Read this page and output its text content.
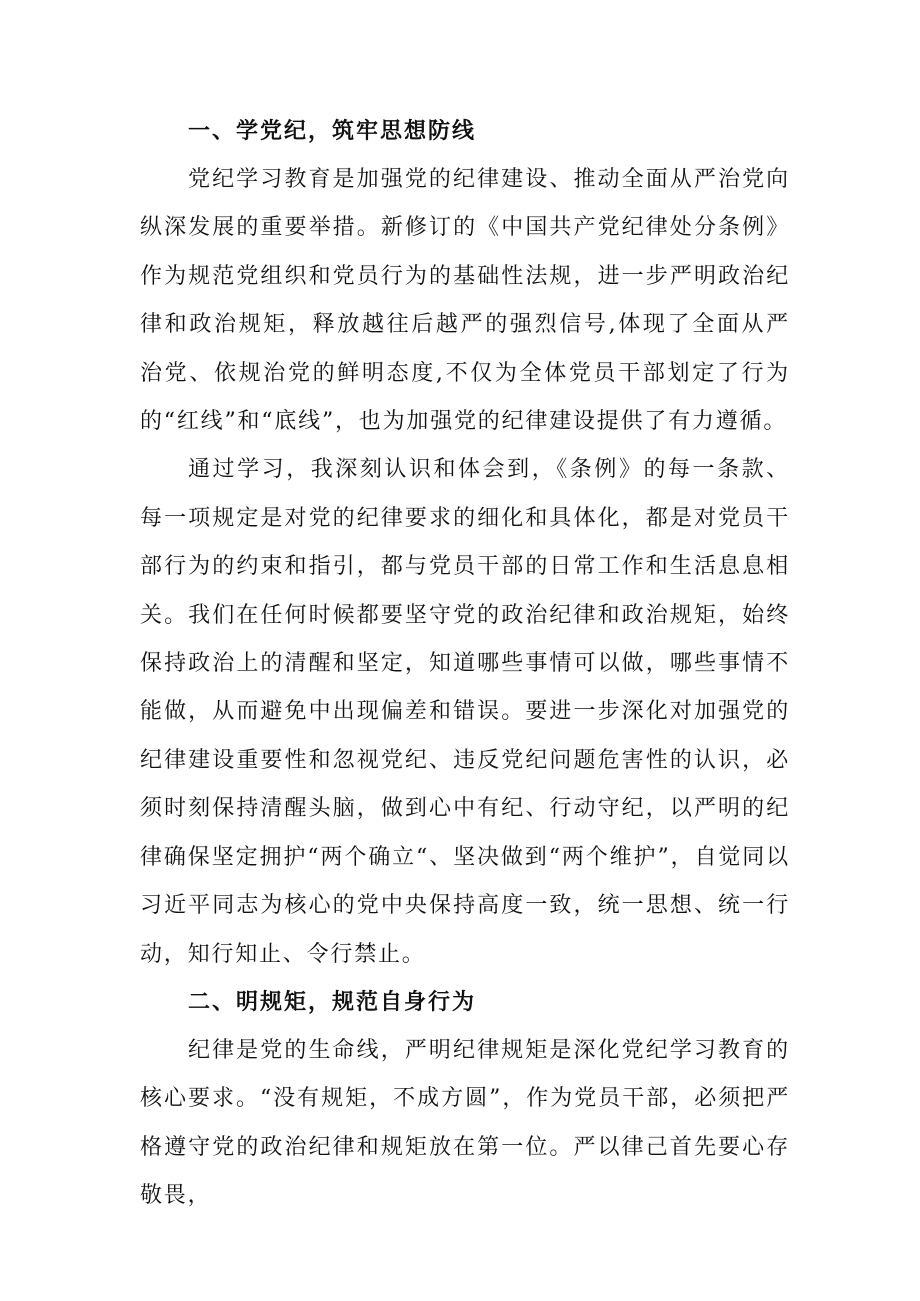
一、学党纪，筑牢思想防线

党纪学习教育是加强党的纪律建设、推动全面从严治党向纵深发展的重要举措。新修订的《中国共产党纪律处分条例》作为规范党组织和党员行为的基础性法规，进一步严明政治纪律和政治规矩，释放越往后越严的强烈信号,体现了全面从严治党、依规治党的鲜明态度,不仅为全体党员干部划定了行为的“红线”和“底线”，也为加强党的纪律建设提供了有力遵循。

通过学习，我深刻认识和体会到，《条例》的每一条款、每一项规定是对党的纪律要求的细化和具体化，都是对党员干部行为的约束和指引，都与党员干部的日常工作和生活息息相关。我们在任何时候都要坚守党的政治纪律和政治规矩，始终保持政治上的清醒和坚定，知道哪些事情可以做，哪些事情不能做，从而避免中出现偏差和错误。要进一步深化对加强党的纪律建设重要性和忽视党纪、违反党纪问题危害性的认识，必须时刻保持清醒头脑，做到心中有纪、行动守纪，以严明的纪律确保坚定拥护“两个确立“、坚决做到“两个维护”，自觉同以习近平同志为核心的党中央保持高度一致，统一思想、统一行动，知行知止、令行禁止。

二、明规矩，规范自身行为

纪律是党的生命线，严明纪律规矩是深化党纪学习教育的核心要求。“没有规矩，不成方圆”，作为党员干部，必须把严格遵守党的政治纪律和规矩放在第一位。严以律己首先要心存敬畏，
